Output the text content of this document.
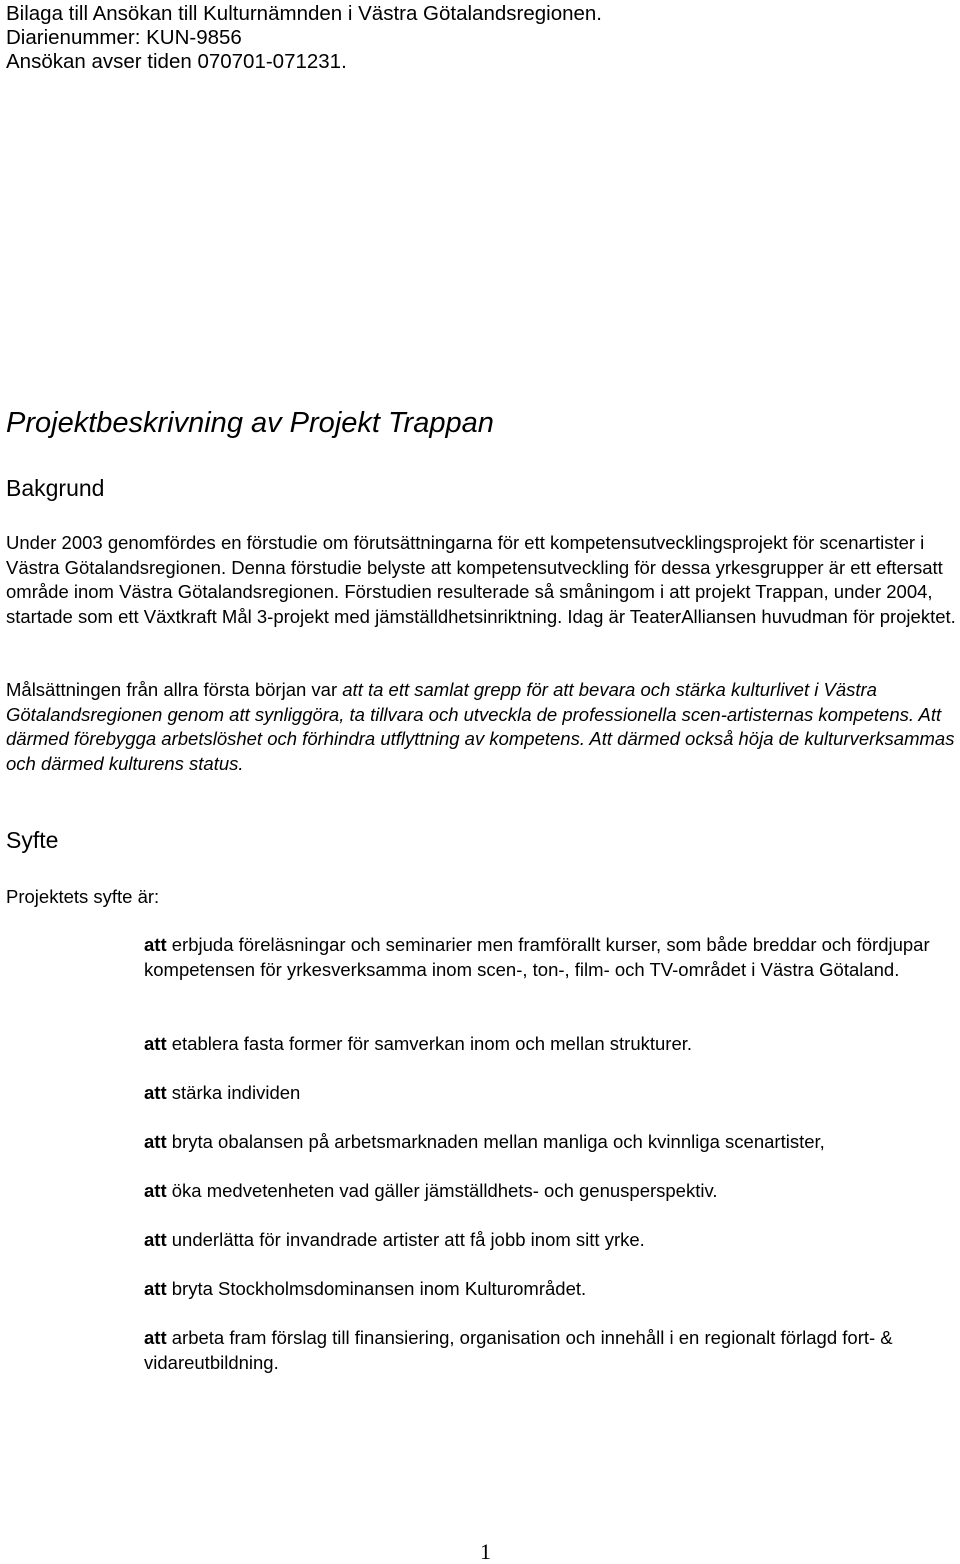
Bilaga till Ansökan till Kulturnämnden i Västra Götalandsregionen.
Diarienummer: KUN-9856
Ansökan avser tiden 070701-071231.
Projektbeskrivning av Projekt Trappan
Bakgrund

Under 2003 genomfördes en förstudie om förutsättningarna för ett kompetensutvecklingsprojekt för scenartister i Västra Götalandsregionen. Denna förstudie belyste att kompetensutveckling för dessa yrkesgrupper är ett eftersatt område inom Västra Götalandsregionen. Förstudien resulterade så småningom i att projekt Trappan, under 2004, startade som ett Växtkraft Mål 3-projekt med jämställdhetsinriktning. Idag är TeaterAlliansen huvudman för projektet.

Målsättningen från allra första början var att ta ett samlat grepp för att bevara och stärka kulturlivet i Västra Götalandsregionen genom att synliggöra, ta tillvara och utveckla de professionella scen-artisternas kompetens. Att därmed förebygga arbetslöshet och förhindra utflyttning av kompetens. Att därmed också höja de kulturverksammas och därmed kulturens status.

Syfte

Projektets syfte är:

att erbjuda föreläsningar och seminarier men framförallt kurser, som både breddar och fördjupar kompetensen för yrkesverksamma inom scen-, ton-, film- och TV-området i Västra Götaland.

att etablera fasta former för samverkan inom och mellan strukturer.

att stärka individen

att bryta obalansen på arbetsmarknaden mellan manliga och kvinnliga scenartister,

att öka medvetenheten vad gäller jämställdhets- och genusperspektiv.

att underlätta för invandrade artister att få jobb inom sitt yrke.

att bryta Stockholmsdominansen inom Kulturområdet.

att arbeta fram förslag till finansiering, organisation och innehåll i en regionalt förlagd fort- & vidareutbildning.

1
